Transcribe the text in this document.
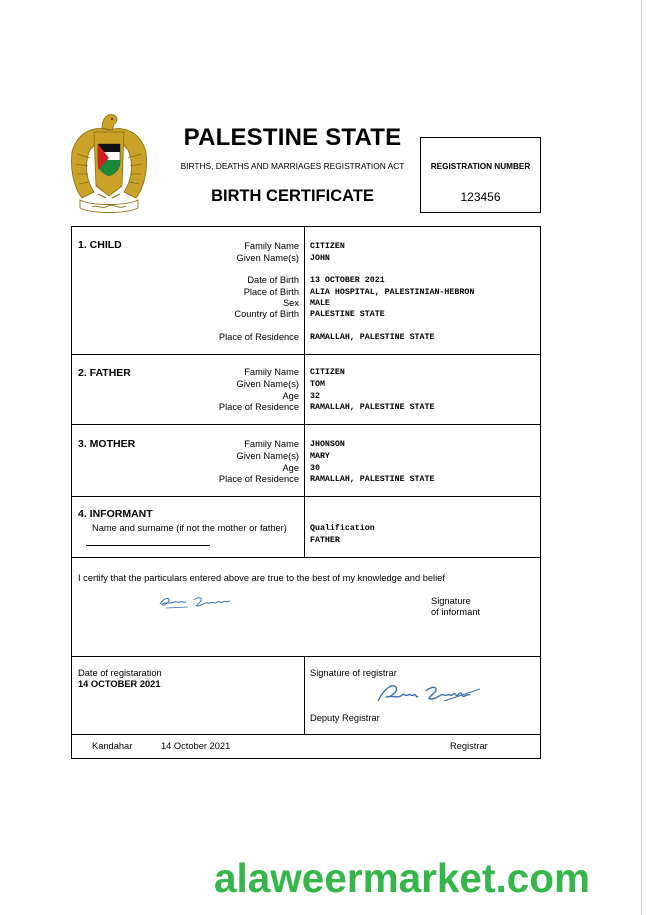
PALESTINE STATE
BIRTHS, DEATHS AND MARRIAGES REGISTRATION ACT
BIRTH CERTIFICATE
REGISTRATION NUMBER
123456
1. CHILD	Family Name CITIZEN
Given Name(s) JOHN
Date of Birth 13 OCTOBER 2021
Place of Birth ALIA HOSPITAL, PALESTINIAN-HEBRON
Sex MALE
Country of Birth PALESTINE STATE
Place of Residence RAMALLAH, PALESTINE STATE
2. FATHER	Family Name CITIZEN
Given Name(s) TOM
Age 32
Place of Residence RAMALLAH, PALESTINE STATE
3. MOTHER	Family Name JHONSON
Given Name(s) MARY
Age 30
Place of Residence RAMALLAH, PALESTINE STATE
4. INFORMANT
Name and surname (if not the mother or father)	Qualification
FATHER
I certify that the particulars entered above are true to the best of my knowledge and belief
Signature
of informant
Date of registaration
14 OCTOBER 2021
Signature of registrar
Deputy Registrar
Kandahar	14 October 2021	Registrar
alaweermarket.com
